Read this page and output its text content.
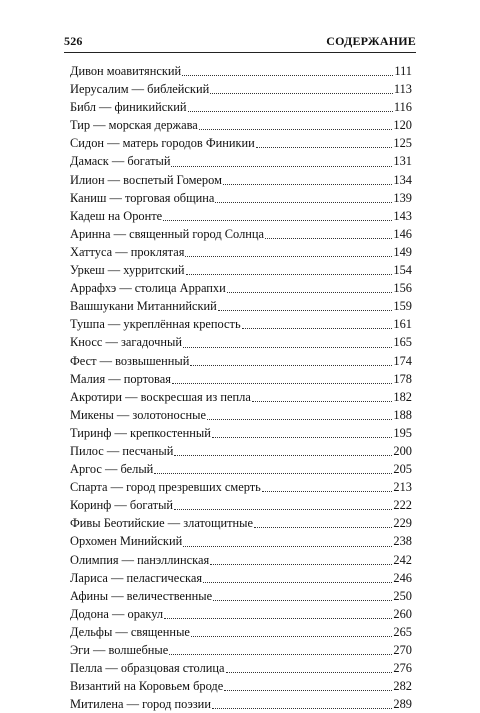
526	СОДЕРЖАНИЕ
Дивон моавитянский	111
Иерусалим — библейский	113
Библ — финикийский	116
Тир — морская держава	120
Сидон — матерь городов Финикии	125
Дамаск — богатый	131
Илион — воспетый Гомером	134
Каниш — торговая община	139
Кадеш на Оронте	143
Аринна — священный город Солнца	146
Хаттуса — проклятая	149
Уркеш — хурритский	154
Аррафхэ — столица Аррапхи	156
Вашшукани Митаннийский	159
Тушпа — укреплённая крепость	161
Кносс — загадочный	165
Фест — возвышенный	174
Малия — портовая	178
Акротири — воскресшая из пепла	182
Микены — золотоносные	188
Тиринф — крепкостенный	195
Пилос — песчаный	200
Аргос — белый	205
Спарта — город презревших смерть	213
Коринф — богатый	222
Фивы Беотийские — златощитные	229
Орхомен Минийский	238
Олимпия — панэллинская	242
Лариса — пеласгическая	246
Афины — величественные	250
Додона — оракул	260
Дельфы — священные	265
Эги — волшебные	270
Пелла — образцовая столица	276
Византий на Коровьем броде	282
Митилена — город поэзии	289
